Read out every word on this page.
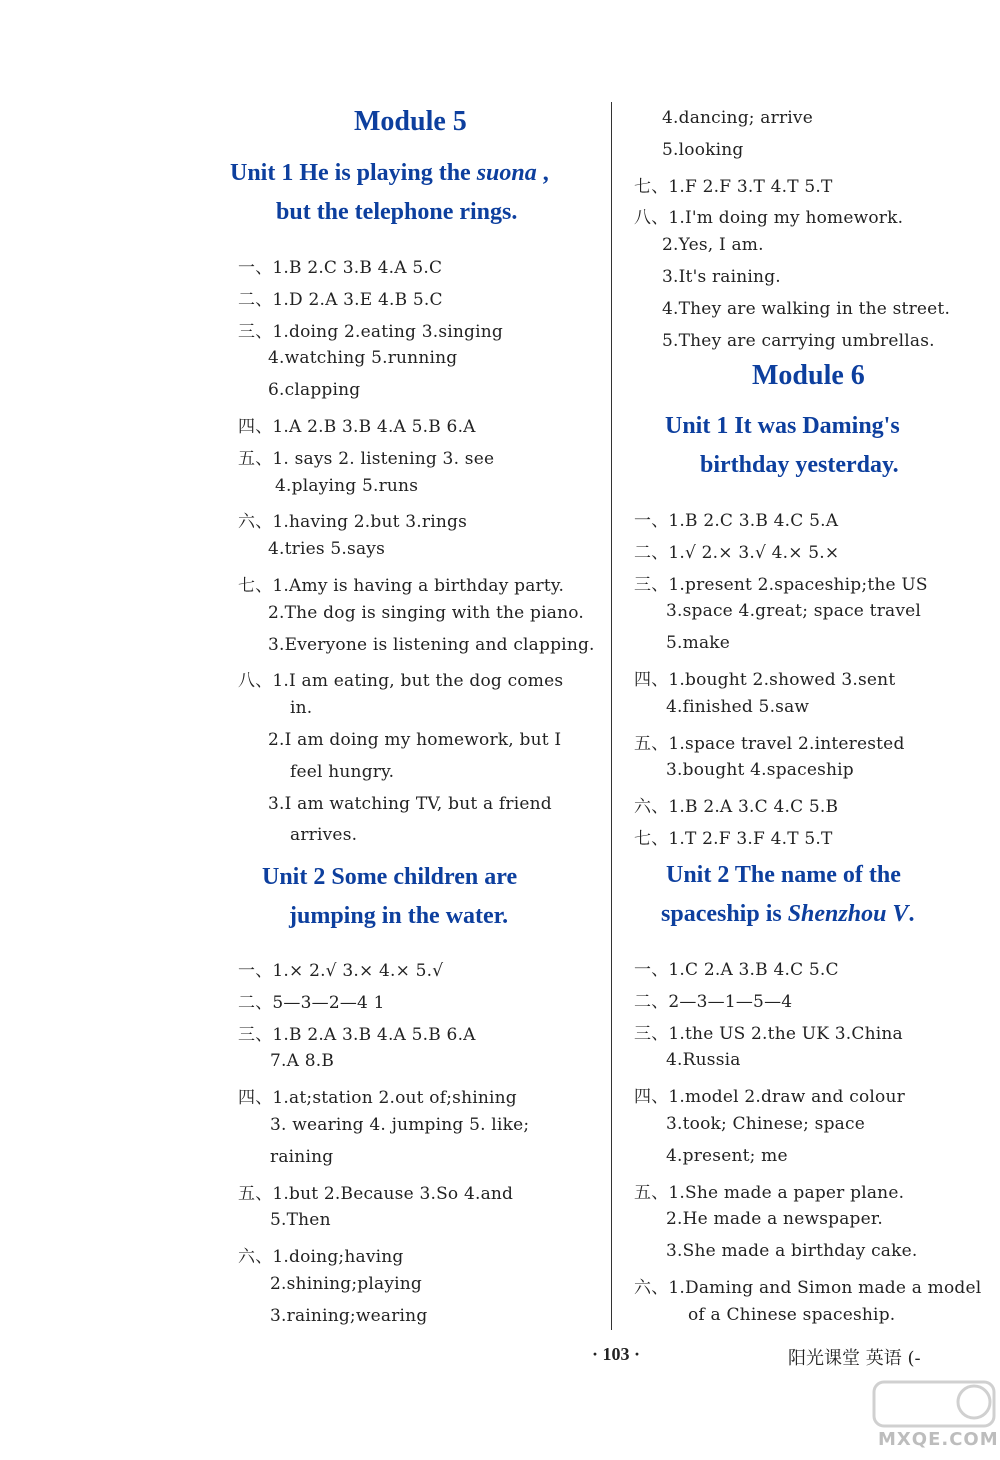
Module 5
Unit 1 He is playing the suona ,
but the telephone rings.
一、1.B 2.C 3.B 4.A 5.C
二、1.D 2.A 3.E 4.B 5.C
三、1.doing 2.eating 3.singing
4.watching 5.running
6.clapping
四、1.A 2.B 3.B 4.A 5.B 6.A
五、1. says 2. listening 3. see
4.playing 5.runs
六、1.having 2.but 3.rings
4.tries 5.says
七、1.Amy is having a birthday party.
2.The dog is singing with the piano.
3.Everyone is listening and clapping.
八、1.I am eating, but the dog comes
in.
2.I am doing my homework, but I
feel hungry.
3.I am watching TV, but a friend
arrives.
Unit 2 Some children are
jumping in the water.
一、1.× 2.√ 3.× 4.× 5.√
二、5—3—2—4 1
三、1.B 2.A 3.B 4.A 5.B 6.A
7.A 8.B
四、1.at;station 2.out of;shining
3. wearing 4. jumping 5. like;
raining
五、1.but 2.Because 3.So 4.and
5.Then
六、1.doing;having
2.shining;playing
3.raining;wearing
4.dancing; arrive
5.looking
七、1.F 2.F 3.T 4.T 5.T
八、1.I'm doing my homework.
2.Yes, I am.
3.It's raining.
4.They are walking in the street.
5.They are carrying umbrellas.
Module 6
Unit 1 It was Daming's
birthday yesterday.
一、1.B 2.C 3.B 4.C 5.A
二、1.√ 2.× 3.√ 4.× 5.×
三、1.present 2.spaceship;the US
3.space 4.great; space travel
5.make
四、1.bought 2.showed 3.sent
4.finished 5.saw
五、1.space travel 2.interested
3.bought 4.spaceship
六、1.B 2.A 3.C 4.C 5.B
七、1.T 2.F 3.F 4.T 5.T
Unit 2 The name of the
spaceship is Shenzhou V.
一、1.C 2.A 3.B 4.C 5.C
二、2—3—1—5—4
三、1.the US 2.the UK 3.China
4.Russia
四、1.model 2.draw and colour
3.took; Chinese; space
4.present; me
五、1.She made a paper plane.
2.He made a newspaper.
3.She made a birthday cake.
六、1.Daming and Simon made a model
of a Chinese spaceship.
· 103 ·	阳光课堂 英语 (-
MXQE.COM
